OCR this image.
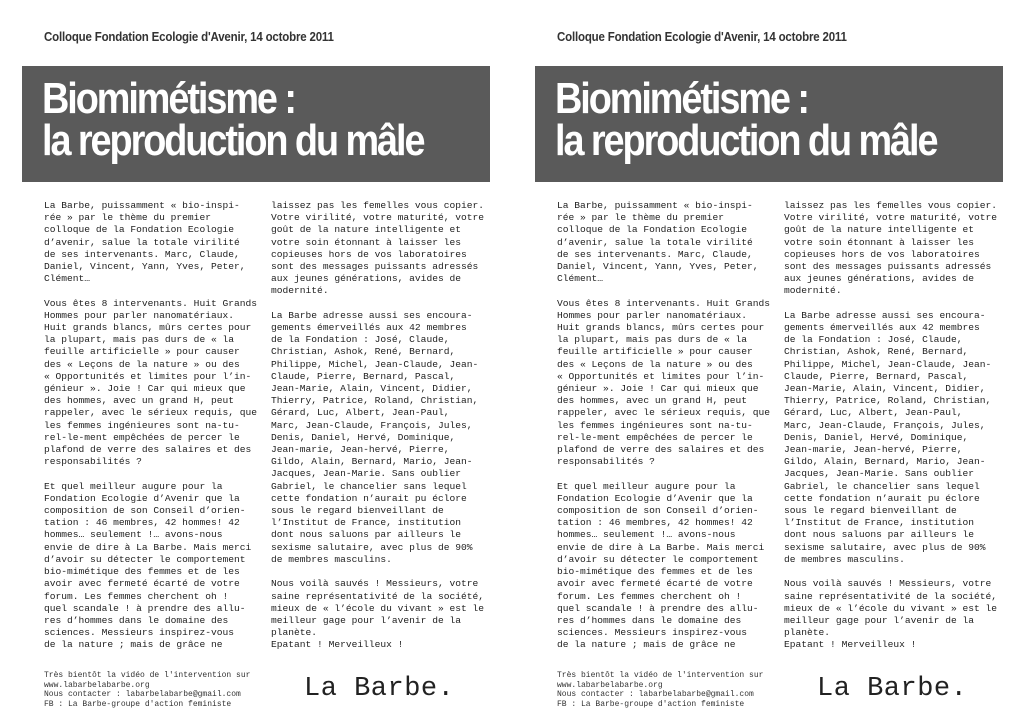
Colloque Fondation Ecologie d'Avenir, 14 octobre 2011
Biomimétisme :
la reproduction du mâle
La Barbe, puissamment « bio-inspi-
rée » par le thème du premier
colloque de la Fondation Ecologie
d’avenir, salue la totale virilité
de ses intervenants. Marc, Claude,
Daniel, Vincent, Yann, Yves, Peter,
Clément…

Vous êtes 8 intervenants. Huit Grands
Hommes pour parler nanomatériaux.
Huit grands blancs, mûrs certes pour
la plupart, mais pas durs de « la
feuille artificielle » pour causer
des « Leçons de la nature » ou des
« Opportunités et limites pour l’in-
génieur ». Joie ! Car qui mieux que
des hommes, avec un grand H, peut
rappeler, avec le sérieux requis, que
les femmes ingénieures sont na-tu-
rel-le-ment empêchées de percer le
plafond de verre des salaires et des
responsabilités ?

Et quel meilleur augure pour la
Fondation Ecologie d’Avenir que la
composition de son Conseil d’orien-
tation : 46 membres, 42 hommes! 42
hommes… seulement !… avons-nous
envie de dire à La Barbe. Mais merci
d’avoir su détecter le comportement
bio-mimétique des femmes et de les
avoir avec fermeté écarté de votre
forum. Les femmes cherchent oh !
quel scandale ! à prendre des allu-
res d’hommes dans le domaine des
sciences. Messieurs inspirez-vous
de la nature ; mais de grâce ne
laissez pas les femelles vous copier.
Votre virilité, votre maturité, votre
goût de la nature intelligente et
votre soin étonnant à laisser les
copieuses hors de vos laboratoires
sont des messages puissants adressés
aux jeunes générations, avides de
modernité.

La Barbe adresse aussi ses encoura-
gements émerveillés aux 42 membres
de la Fondation : José, Claude,
Christian, Ashok, René, Bernard,
Philippe, Michel, Jean-Claude, Jean-
Claude, Pierre, Bernard, Pascal,
Jean-Marie, Alain, Vincent, Didier,
Thierry, Patrice, Roland, Christian,
Gérard, Luc, Albert, Jean-Paul,
Marc, Jean-Claude, François, Jules,
Denis, Daniel, Hervé, Dominique,
Jean-marie, Jean-hervé, Pierre,
Gildo, Alain, Bernard, Mario, Jean-
Jacques, Jean-Marie. Sans oublier
Gabriel, le chancelier sans lequel
cette fondation n’aurait pu éclore
sous le regard bienveillant de
l’Institut de France, institution
dont nous saluons par ailleurs le
sexisme salutaire, avec plus de 90%
de membres masculins.

Nous voilà sauvés ! Messieurs, votre
saine représentativité de la société,
mieux de « l’école du vivant » est le
meilleur gage pour l’avenir de la
planète.
Epatant ! Merveilleux !
Très bientôt la vidéo de l'intervention sur
www.labarbelabarbe.org
Nous contacter : labarbelabarbe@gmail.com
FB : La Barbe-groupe d'action feministe
La Barbe.
Colloque Fondation Ecologie d'Avenir, 14 octobre 2011
Biomimétisme :
la reproduction du mâle
La Barbe, puissamment « bio-inspi-
rée » par le thème du premier
colloque de la Fondation Ecologie
d’avenir, salue la totale virilité
de ses intervenants. Marc, Claude,
Daniel, Vincent, Yann, Yves, Peter,
Clément…

Vous êtes 8 intervenants. Huit Grands
Hommes pour parler nanomatériaux.
Huit grands blancs, mûrs certes pour
la plupart, mais pas durs de « la
feuille artificielle » pour causer
des « Leçons de la nature » ou des
« Opportunités et limites pour l’in-
génieur ». Joie ! Car qui mieux que
des hommes, avec un grand H, peut
rappeler, avec le sérieux requis, que
les femmes ingénieures sont na-tu-
rel-le-ment empêchées de percer le
plafond de verre des salaires et des
responsabilités ?

Et quel meilleur augure pour la
Fondation Ecologie d’Avenir que la
composition de son Conseil d’orien-
tation : 46 membres, 42 hommes! 42
hommes… seulement !… avons-nous
envie de dire à La Barbe. Mais merci
d’avoir su détecter le comportement
bio-mimétique des femmes et de les
avoir avec fermeté écarté de votre
forum. Les femmes cherchent oh !
quel scandale ! à prendre des allu-
res d’hommes dans le domaine des
sciences. Messieurs inspirez-vous
de la nature ; mais de grâce ne
laissez pas les femelles vous copier.
Votre virilité, votre maturité, votre
goût de la nature intelligente et
votre soin étonnant à laisser les
copieuses hors de vos laboratoires
sont des messages puissants adressés
aux jeunes générations, avides de
modernité.

La Barbe adresse aussi ses encoura-
gements émerveillés aux 42 membres
de la Fondation : José, Claude,
Christian, Ashok, René, Bernard,
Philippe, Michel, Jean-Claude, Jean-
Claude, Pierre, Bernard, Pascal,
Jean-Marie, Alain, Vincent, Didier,
Thierry, Patrice, Roland, Christian,
Gérard, Luc, Albert, Jean-Paul,
Marc, Jean-Claude, François, Jules,
Denis, Daniel, Hervé, Dominique,
Jean-marie, Jean-hervé, Pierre,
Gildo, Alain, Bernard, Mario, Jean-
Jacques, Jean-Marie. Sans oublier
Gabriel, le chancelier sans lequel
cette fondation n’aurait pu éclore
sous le regard bienveillant de
l’Institut de France, institution
dont nous saluons par ailleurs le
sexisme salutaire, avec plus de 90%
de membres masculins.

Nous voilà sauvés ! Messieurs, votre
saine représentativité de la société,
mieux de « l’école du vivant » est le
meilleur gage pour l’avenir de la
planète.
Epatant ! Merveilleux !
Très bientôt la vidéo de l'intervention sur
www.labarbelabarbe.org
Nous contacter : labarbelabarbe@gmail.com
FB : La Barbe-groupe d'action feministe
La Barbe.
